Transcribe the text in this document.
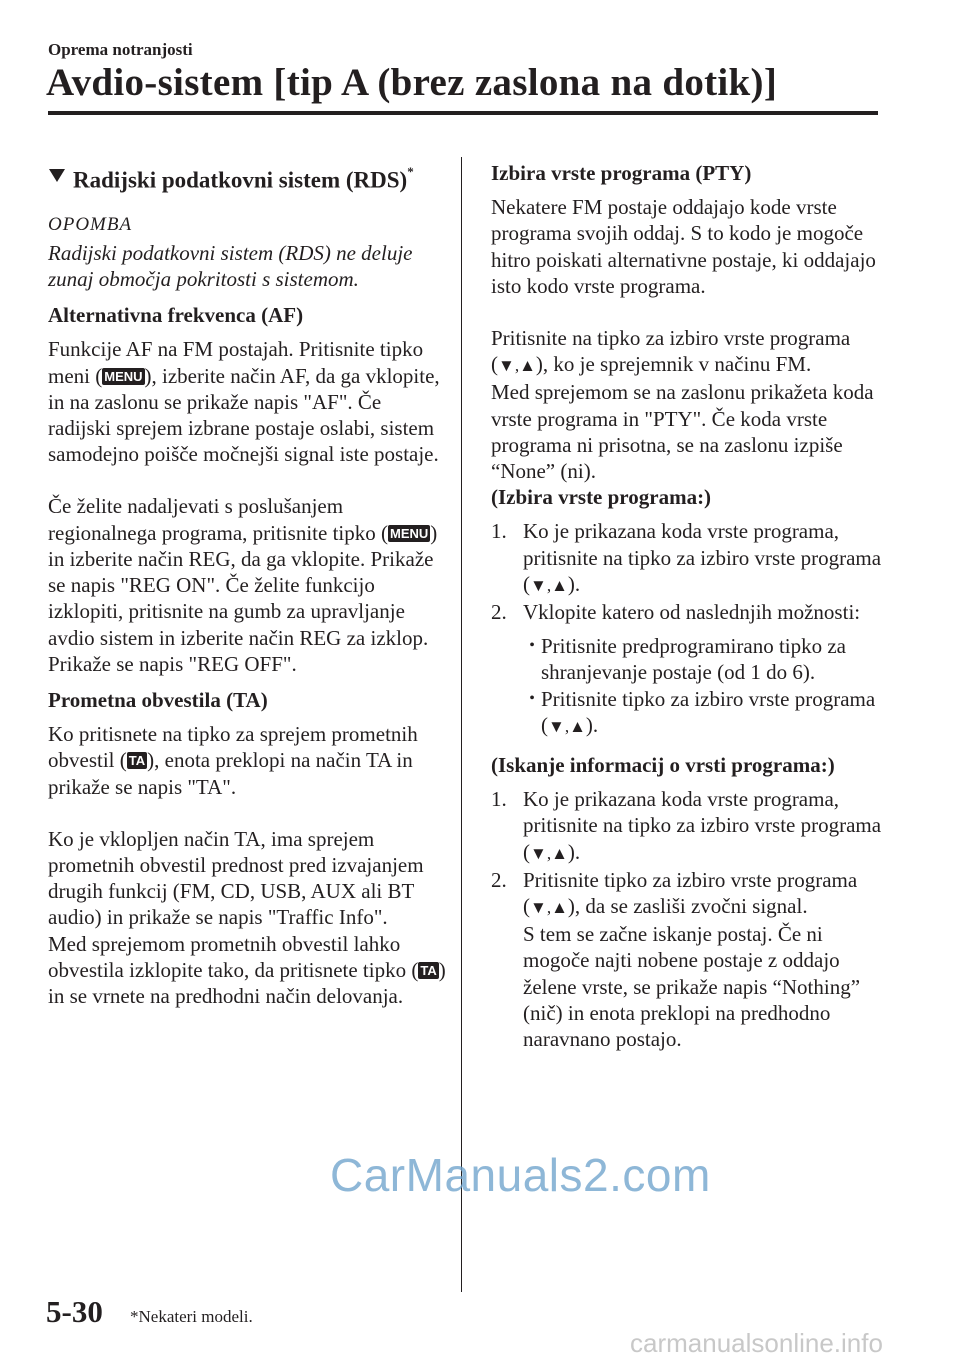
Oprema notranjosti
Avdio-sistem [tip A (brez zaslona na dotik)]

Radijski podatkovni sistem (RDS)*

OPOMBA

Radijski podatkovni sistem (RDS) ne deluje zunaj območja pokritosti s sistemom.

Alternativna frekvenca (AF)

Funkcije AF na FM postajah. Pritisnite tipko meni ( MENU), izberite način AF, da ga vklopite, in na zaslonu se prikaže napis "AF". Če radijski sprejem izbrane postaje oslabi, sistem samodejno poišče močnejši signal iste postaje.

Če želite nadaljevati s poslušanjem regionalnega programa, pritisnite tipko ( MENU) in izberite način REG, da ga vklopite. Prikaže se napis "REG ON". Če želite funkcijo izklopiti, pritisnite na gumb za upravljanje avdio sistem in izberite način REG za izklop. Prikaže se napis "REG OFF".

Prometna obvestila (TA)

Ko pritisnete na tipko za sprejem prometnih obvestil ( TA), enota preklopi na način TA in prikaže se napis "TA".

Ko je vklopljen način TA, ima sprejem prometnih obvestil prednost pred izvajanjem drugih funkcij (FM, CD, USB, AUX ali BT audio) in prikaže se napis "Traffic Info".

Med sprejemom prometnih obvestil lahko obvestila izklopite tako, da pritisnete tipko ( TA) in se vrnete na predhodni način delovanja.

Izbira vrste programa (PTY)

Nekatere FM postaje oddajajo kode vrste programa svojih oddaj. S to kodo je mogoče hitro poiskati alternativne postaje, ki oddajajo isto kodo vrste programa.

Pritisnite na tipko za izbiro vrste programa (▼,▲), ko je sprejemnik v načinu FM.

Med sprejemom se na zaslonu prikažeta koda vrste programa in "PTY". Če koda vrste programa ni prisotna, se na zaslonu izpiše “None” (ni).

(Izbira vrste programa:)

1. Ko je prikazana koda vrste programa, pritisnite na tipko za izbiro vrste programa (▼,▲).
2. Vklopite katero od naslednjih možnosti:
• Pritisnite predprogramirano tipko za shranjevanje postaje (od 1 do 6).
• Pritisnite tipko za izbiro vrste programa (▼,▲).

(Iskanje informacij o vrsti programa:)

1. Ko je prikazana koda vrste programa, pritisnite na tipko za izbiro vrste programa (▼,▲).
2. Pritisnite tipko za izbiro vrste programa (▼,▲), da se zasliši zvočni signal.
S tem se začne iskanje postaj. Če ni mogoče najti nobene postaje z oddajo želene vrste, se prikaže napis “Nothing” (nič) in enota preklopi na predhodno naravnano postajo.
CarManuals2.com
5-30 *Nekateri modeli.
carmanualsonline.info
